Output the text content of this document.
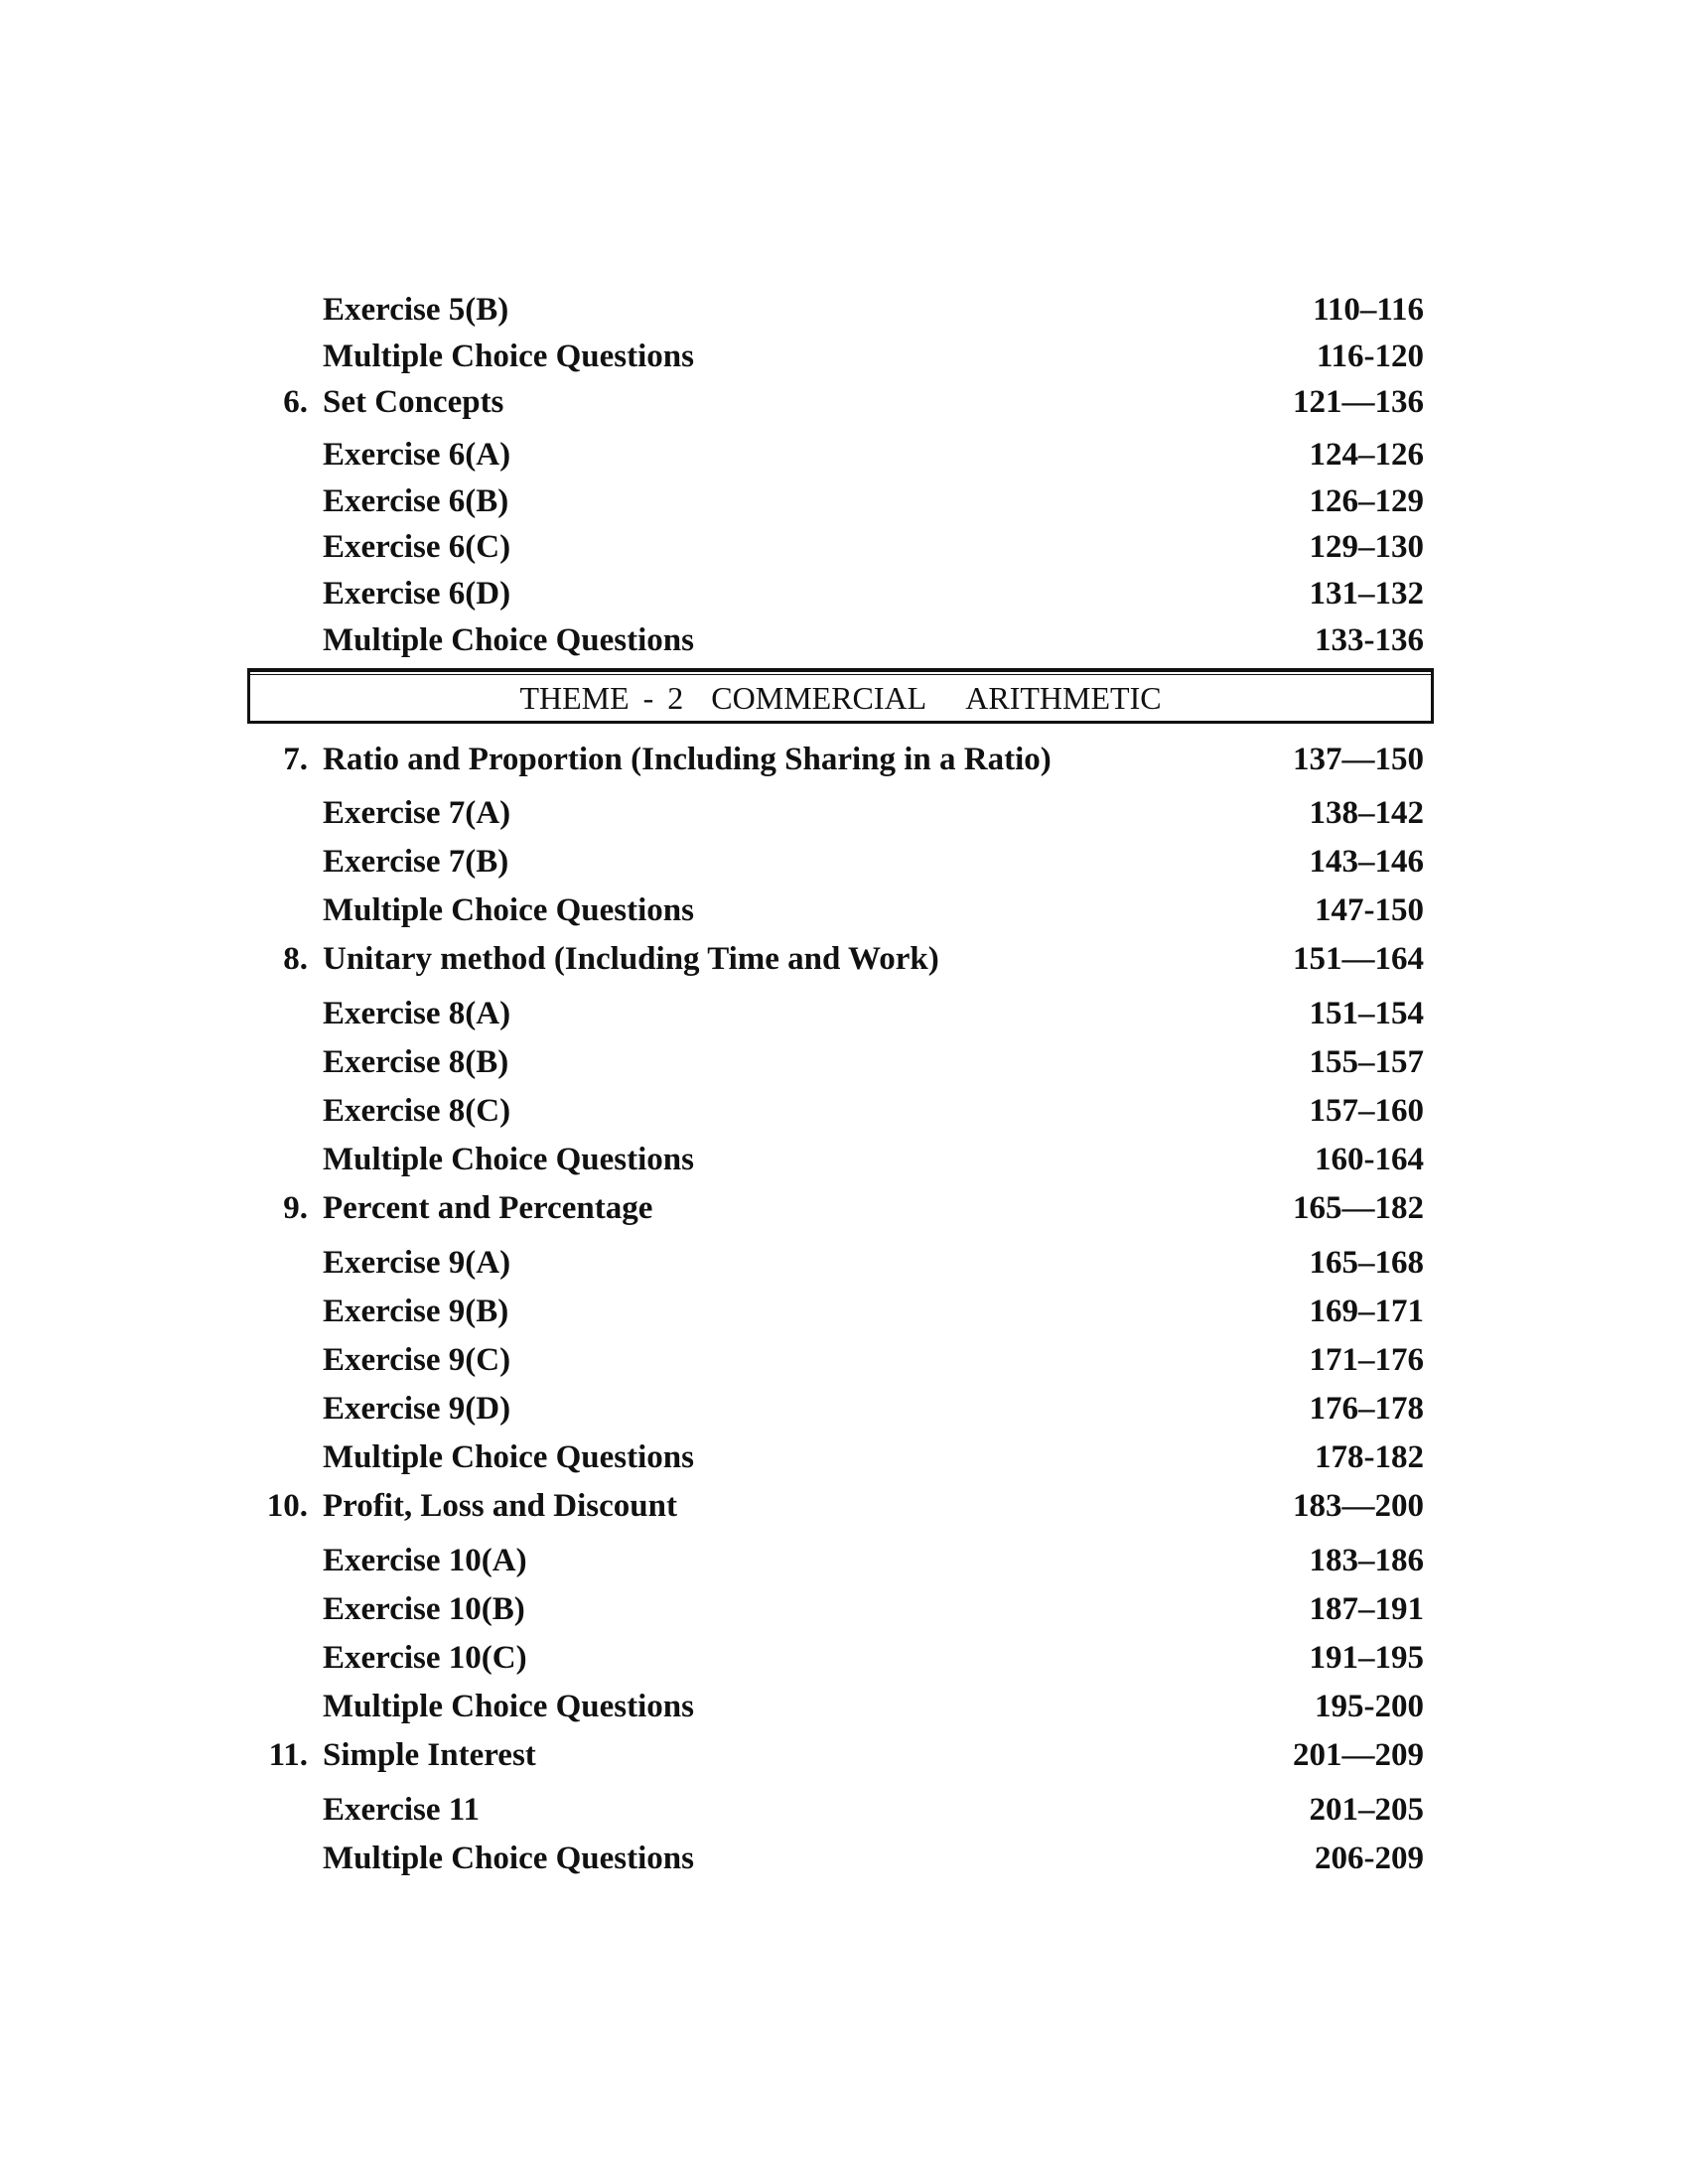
Exercise 5(B)	110–116
Multiple Choice Questions	116-120
6. Set Concepts	121—136
Exercise 6(A)	124–126
Exercise 6(B)	126–129
Exercise 6(C)	129–130
Exercise 6(D)	131–132
Multiple Choice Questions	133-136
THEME - 2  COMMERCIAL   ARITHMETIC
7. Ratio and Proportion (Including Sharing in a Ratio)	137—150
Exercise 7(A)	138–142
Exercise 7(B)	143–146
Multiple Choice Questions	147-150
8. Unitary method (Including Time and Work)	151—164
Exercise 8(A)	151–154
Exercise 8(B)	155–157
Exercise 8(C)	157–160
Multiple Choice Questions	160-164
9. Percent and Percentage	165—182
Exercise 9(A)	165–168
Exercise 9(B)	169–171
Exercise 9(C)	171–176
Exercise 9(D)	176–178
Multiple Choice Questions	178-182
10. Profit, Loss and Discount	183—200
Exercise 10(A)	183–186
Exercise 10(B)	187–191
Exercise 10(C)	191–195
Multiple Choice Questions	195-200
11. Simple Interest	201—209
Exercise 11	201–205
Multiple Choice Questions	206-209
